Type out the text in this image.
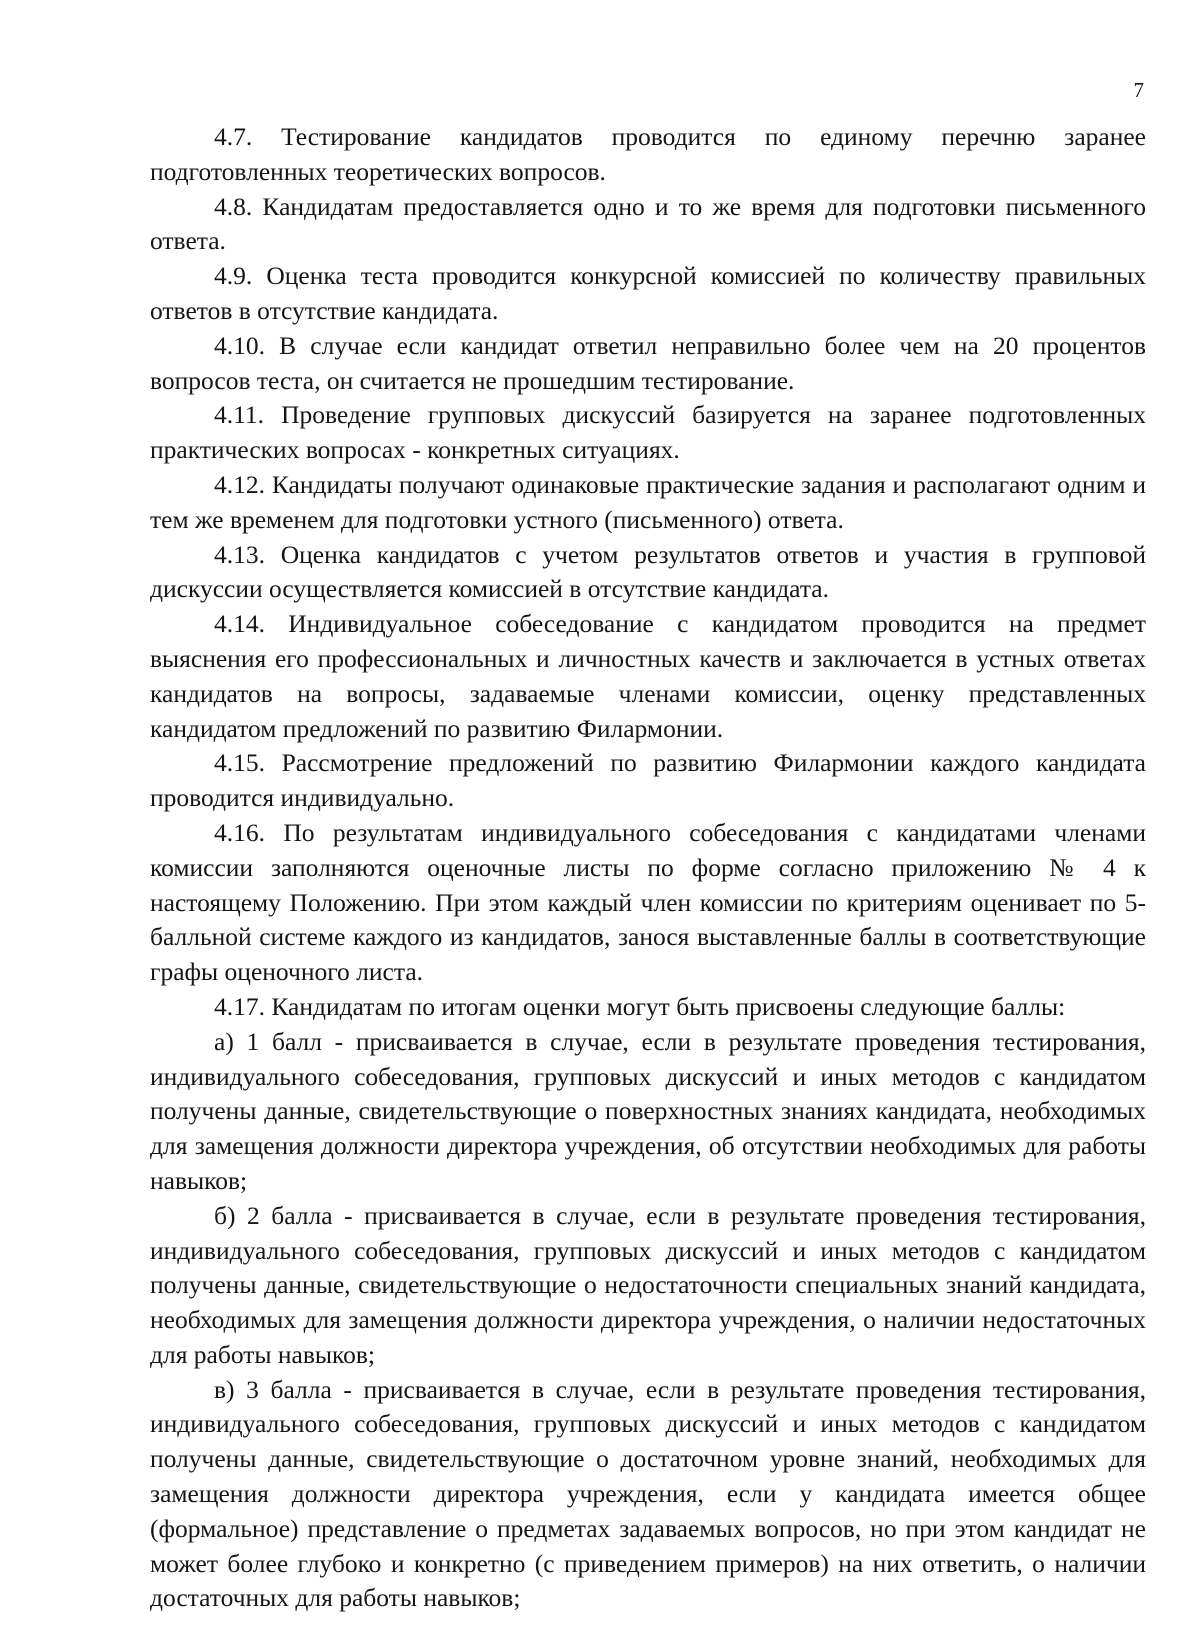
7

4.7. Тестирование кандидатов проводится по единому перечню заранее подготовленных теоретических вопросов.

4.8. Кандидатам предоставляется одно и то же время для подготовки письменного ответа.

4.9. Оценка теста проводится конкурсной комиссией по количеству правильных ответов в отсутствие кандидата.

4.10. В случае если кандидат ответил неправильно более чем на 20 процентов вопросов теста, он считается не прошедшим тестирование.

4.11. Проведение групповых дискуссий базируется на заранее подготовленных практических вопросах - конкретных ситуациях.

4.12. Кандидаты получают одинаковые практические задания и располагают одним и тем же временем для подготовки устного (письменного) ответа.

4.13. Оценка кандидатов с учетом результатов ответов и участия в групповой дискуссии осуществляется комиссией в отсутствие кандидата.

4.14. Индивидуальное собеседование с кандидатом проводится на предмет выяснения его профессиональных и личностных качеств и заключается в устных ответах кандидатов на вопросы, задаваемые членами комиссии, оценку представленных кандидатом предложений по развитию Филармонии.

4.15. Рассмотрение предложений по развитию Филармонии каждого кандидата проводится индивидуально.

4.16. По результатам индивидуального собеседования с кандидатами членами комиссии заполняются оценочные листы по форме согласно приложению № 4 к настоящему Положению. При этом каждый член комиссии по критериям оценивает по 5-балльной системе каждого из кандидатов, занося выставленные баллы в соответствующие графы оценочного листа.

4.17. Кандидатам по итогам оценки могут быть присвоены следующие баллы:

а) 1 балл - присваивается в случае, если в результате проведения тестирования, индивидуального собеседования, групповых дискуссий и иных методов с кандидатом получены данные, свидетельствующие о поверхностных знаниях кандидата, необходимых для замещения должности директора учреждения, об отсутствии необходимых для работы навыков;

б) 2 балла - присваивается в случае, если в результате проведения тестирования, индивидуального собеседования, групповых дискуссий и иных методов с кандидатом получены данные, свидетельствующие о недостаточности специальных знаний кандидата, необходимых для замещения должности директора учреждения, о наличии недостаточных для работы навыков;

в) 3 балла - присваивается в случае, если в результате проведения тестирования, индивидуального собеседования, групповых дискуссий и иных методов с кандидатом получены данные, свидетельствующие о достаточном уровне знаний, необходимых для замещения должности директора учреждения, если у кандидата имеется общее (формальное) представление о предметах задаваемых вопросов, но при этом кандидат не может более глубоко и конкретно (с приведением примеров) на них ответить, о наличии достаточных для работы навыков;
